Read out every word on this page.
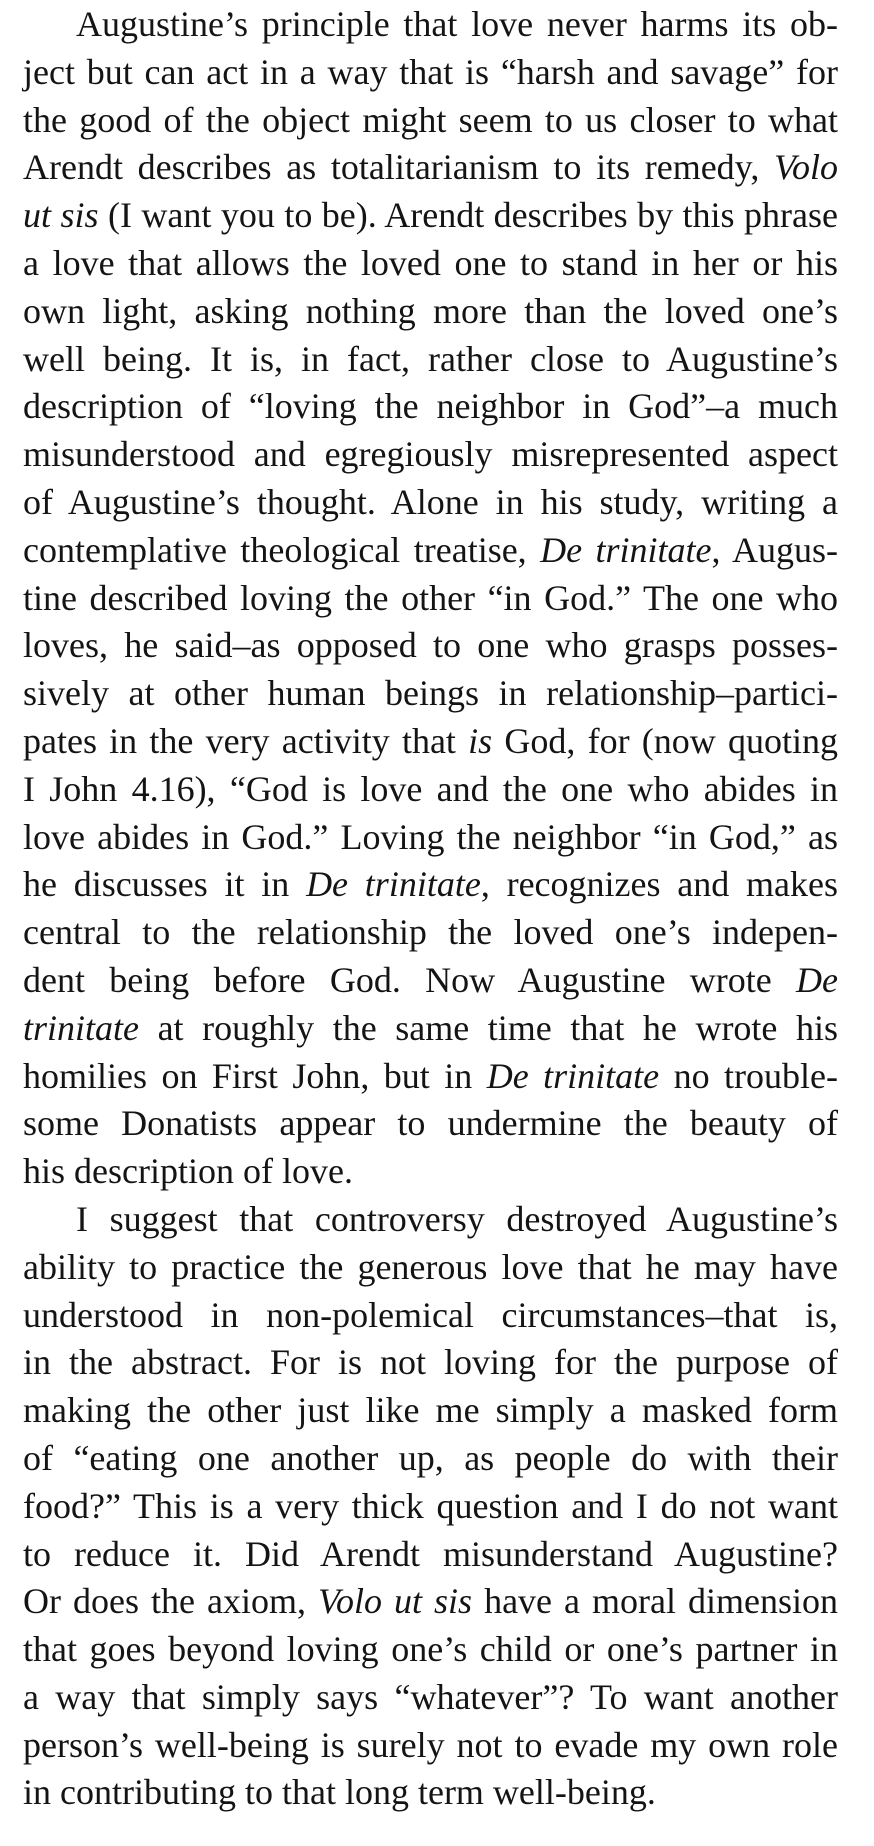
Augustine’s principle that love never harms its ob-
ject but can act in a way that is “harsh and savage” for
the good of the object might seem to us closer to what
Arendt describes as totalitarianism to its remedy, Volo
ut sis (I want you to be). Arendt describes by this phrase
a love that allows the loved one to stand in her or his
own light, asking nothing more than the loved one’s
well being. It is, in fact, rather close to Augustine’s
description of “loving the neighbor in God”–a much
misunderstood and egregiously misrepresented aspect
of Augustine’s thought. Alone in his study, writing a
contemplative theological treatise, De trinitate, Augus-
tine described loving the other “in God.” The one who
loves, he said–as opposed to one who grasps posses-
sively at other human beings in relationship–partici-
pates in the very activity that is God, for (now quoting
I John 4.16), “God is love and the one who abides in
love abides in God.” Loving the neighbor “in God,” as
he discusses it in De trinitate, recognizes and makes
central to the relationship the loved one’s indepen-
dent being before God. Now Augustine wrote De
trinitate at roughly the same time that he wrote his
homilies on First John, but in De trinitate no trouble-
some Donatists appear to undermine the beauty of
his description of love.
I suggest that controversy destroyed Augustine’s
ability to practice the generous love that he may have
understood in non-polemical circumstances–that is,
in the abstract. For is not loving for the purpose of
making the other just like me simply a masked form
of “eating one another up, as people do with their
food?” This is a very thick question and I do not want
to reduce it. Did Arendt misunderstand Augustine?
Or does the axiom, Volo ut sis have a moral dimension
that goes beyond loving one’s child or one’s partner in
a way that simply says “whatever”? To want another
person’s well-being is surely not to evade my own role
in contributing to that long term well-being.
